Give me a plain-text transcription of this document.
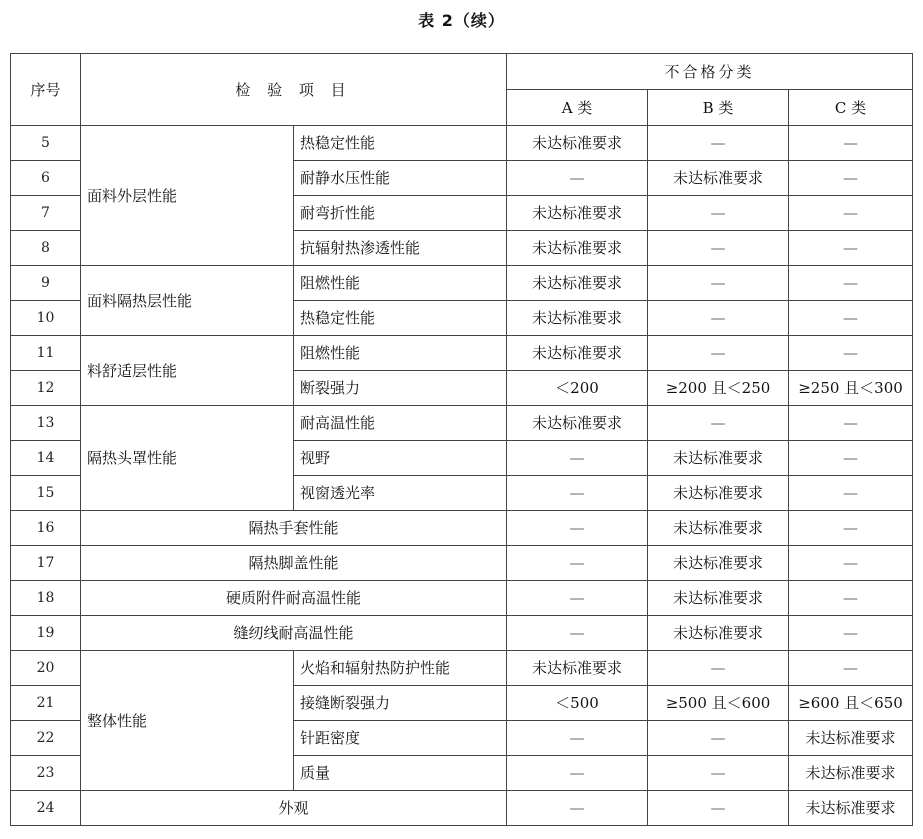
表 2（续）
序号	检 验 项 目		不合格分类		
			A 类	B 类	C 类
5	面料外层性能	热稳定性能	未达标准要求	—	—
6		耐静水压性能	—	未达标准要求	—
7		耐弯折性能	未达标准要求	—	—
8		抗辐射热渗透性能	未达标准要求	—	—
9	面料隔热层性能	阻燃性能	未达标准要求	—	—
10		热稳定性能	未达标准要求	—	—
11	料舒适层性能	阻燃性能	未达标准要求	—	—
12		断裂强力	＜200	≥200 且＜250	≥250 且＜300
13	隔热头罩性能	耐高温性能	未达标准要求	—	—
14		视野	—	未达标准要求	—
15		视窗透光率	—	未达标准要求	—
16	隔热手套性能		—	未达标准要求	—
17	隔热脚盖性能		—	未达标准要求	—
18	硬质附件耐高温性能		—	未达标准要求	—
19	缝纫线耐高温性能		—	未达标准要求	—
20	整体性能	火焰和辐射热防护性能	未达标准要求	—	—
21		接缝断裂强力	＜500	≥500 且＜600	≥600 且＜650
22		针距密度	—	—	未达标准要求
23		质量	—	—	未达标准要求
24	外观		—	—	未达标准要求
